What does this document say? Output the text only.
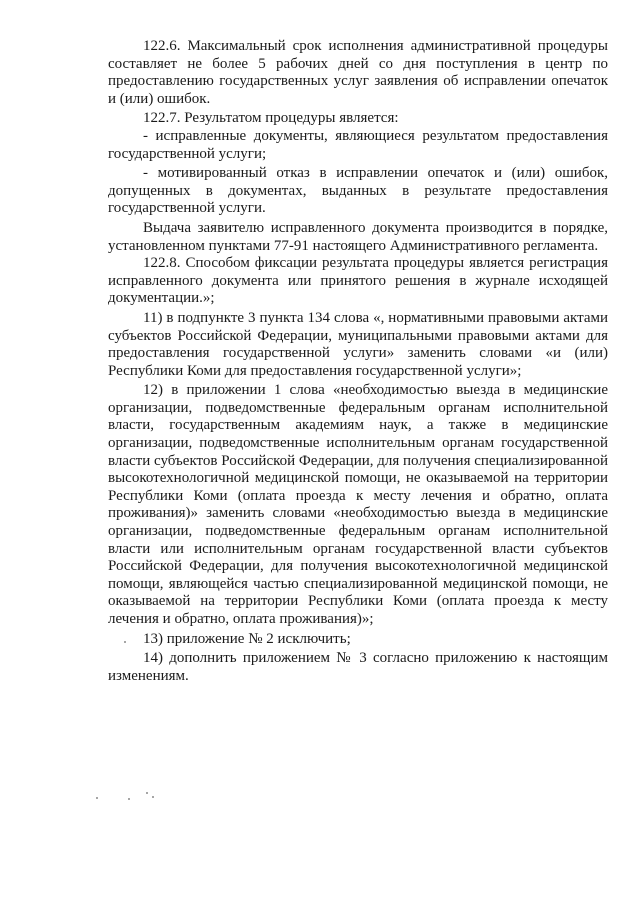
122.6. Максимальный срок исполнения административной процедуры составляет не более 5 рабочих дней со дня поступления в центр по предоставлению государственных услуг заявления об исправлении опечаток и (или) ошибок.

122.7. Результатом процедуры является:

- исправленные документы, являющиеся результатом предоставления государственной услуги;

- мотивированный отказ в исправлении опечаток и (или) ошибок, допущенных в документах, выданных в результате предоставления государственной услуги.

Выдача заявителю исправленного документа производится в порядке, установленном пунктами 77-91 настоящего Административного регламента.

122.8. Способом фиксации результата процедуры является регистрация исправленного документа или принятого решения в журнале исходящей документации.»;

11) в подпункте 3 пункта 134 слова «, нормативными правовыми актами субъектов Российской Федерации, муниципальными правовыми актами для предоставления государственной услуги» заменить словами «и (или) Республики Коми для предоставления государственной услуги»;

12) в приложении 1 слова «необходимостью выезда в медицинские организации, подведомственные федеральным органам исполнительной власти, государственным академиям наук, а также в медицинские организации, подведомственные исполнительным органам государственной власти субъектов Российской Федерации, для получения специализированной высокотехнологичной медицинской помощи, не оказываемой на территории Республики Коми (оплата проезда к месту лечения и обратно, оплата проживания)» заменить словами «необходимостью выезда в медицинские организации, подведомственные федеральным органам исполнительной власти или исполнительным органам государственной власти субъектов Российской Федерации, для получения высокотехнологичной медицинской помощи, являющейся частью специализированной медицинской помощи, не оказываемой на территории Республики Коми (оплата проезда к месту лечения и обратно, оплата проживания)»;

13) приложение № 2 исключить;

14) дополнить приложением № 3 согласно приложению к настоящим изменениям.
